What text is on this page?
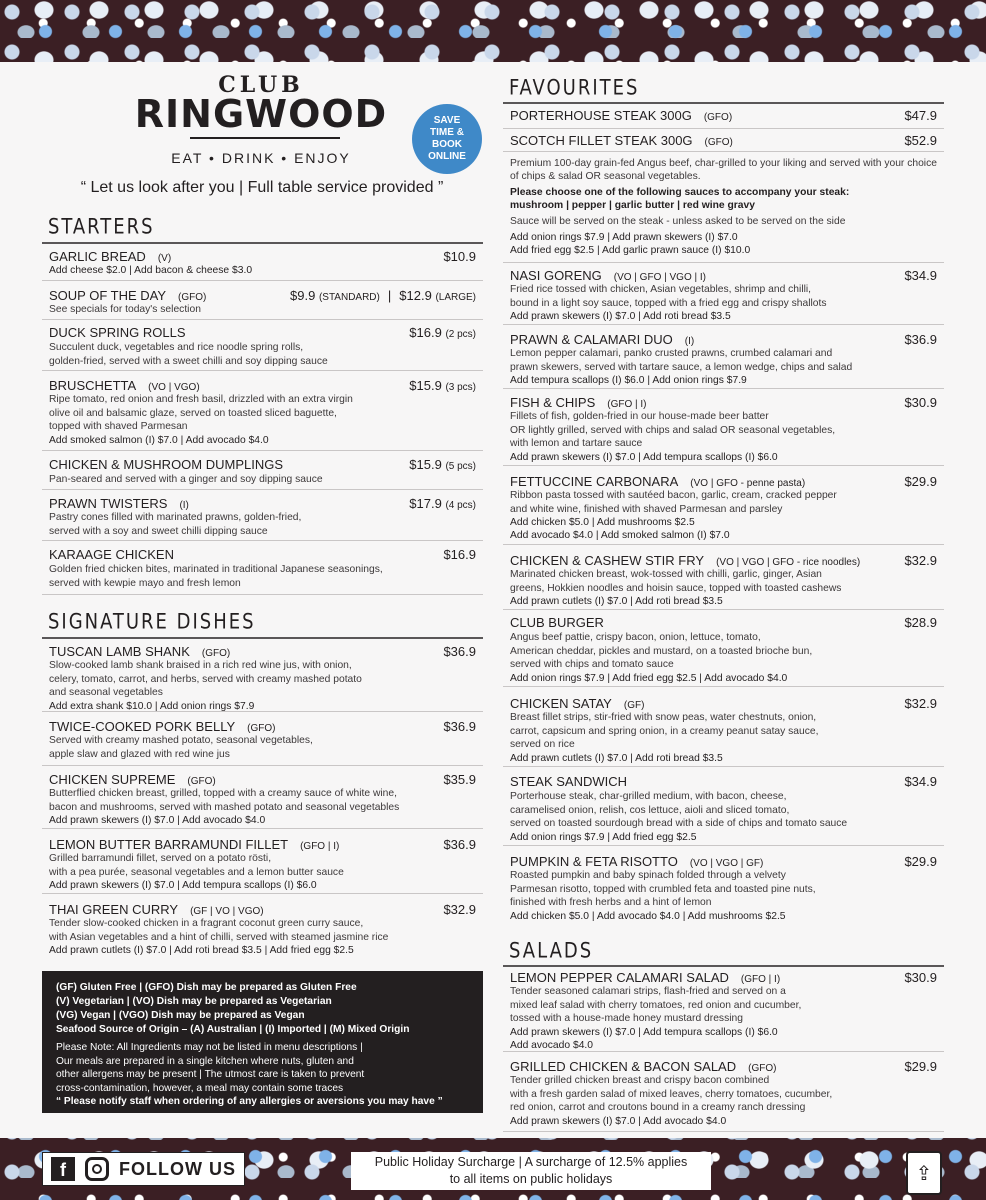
CLUB
RINGWOOD
EAT • DRINK • ENJOY
SAVE TIME & BOOK ONLINE
“ Let us look after you | Full table service provided ”
STARTERS
SIGNATURE DISHES
FAVOURITES
SALADS
GARLIC BREAD (V)	$10.9
Add cheese $2.0 | Add bacon & cheese $3.0
SOUP OF THE DAY (GFO)	$9.9 (STANDARD) | $12.9 (LARGE)
See specials for today's selection
DUCK SPRING ROLLS	$16.9 (2 pcs)
Succulent duck, vegetables and rice noodle spring rolls,
golden-fried, served with a sweet chilli and soy dipping sauce
BRUSCHETTA (VO | VGO)	$15.9 (3 pcs)
Ripe tomato, red onion and fresh basil, drizzled with an extra virgin
olive oil and balsamic glaze, served on toasted sliced baguette,
topped with shaved Parmesan
Add smoked salmon (I) $7.0 | Add avocado $4.0
CHICKEN & MUSHROOM DUMPLINGS	$15.9 (5 pcs)
Pan-seared and served with a ginger and soy dipping sauce
PRAWN TWISTERS (I)	$17.9 (4 pcs)
Pastry cones filled with marinated prawns, golden-fried,
served with a soy and sweet chilli dipping sauce
KARAAGE CHICKEN	$16.9
Golden fried chicken bites, marinated in traditional Japanese seasonings,
served with kewpie mayo and fresh lemon
TUSCAN LAMB SHANK (GFO)	$36.9
Slow-cooked lamb shank braised in a rich red wine jus, with onion,
celery, tomato, carrot, and herbs, served with creamy mashed potato
and seasonal vegetables
Add extra shank $10.0 | Add onion rings $7.9
TWICE-COOKED PORK BELLY (GFO)	$36.9
Served with creamy mashed potato, seasonal vegetables,
apple slaw and glazed with red wine jus
CHICKEN SUPREME (GFO)	$35.9
Butterflied chicken breast, grilled, topped with a creamy sauce of white wine,
bacon and mushrooms, served with mashed potato and seasonal vegetables
Add prawn skewers (I) $7.0 | Add avocado $4.0
LEMON BUTTER BARRAMUNDI FILLET (GFO | I)	$36.9
Grilled barramundi fillet, served on a potato rösti,
with a pea purée, seasonal vegetables and a lemon butter sauce
Add prawn skewers (I) $7.0 | Add tempura scallops (I) $6.0
THAI GREEN CURRY (GF | VO | VGO)	$32.9
Tender slow-cooked chicken in a fragrant coconut green curry sauce,
with Asian vegetables and a hint of chilli, served with steamed jasmine rice
Add prawn cutlets (I) $7.0 | Add roti bread $3.5 | Add fried egg $2.5
(GF) Gluten Free | (GFO) Dish may be prepared as Gluten Free
(V) Vegetarian | (VO) Dish may be prepared as Vegetarian
(VG) Vegan | (VGO) Dish may be prepared as Vegan
Seafood Source of Origin – (A) Australian | (I) Imported | (M) Mixed Origin
Please Note: All Ingredients may not be listed in menu descriptions |
Our meals are prepared in a single kitchen where nuts, gluten and
other allergens may be present | The utmost care is taken to prevent
cross-contamination, however, a meal may contain some traces
“ Please notify staff when ordering of any allergies or aversions you may have ”
PORTERHOUSE STEAK 300G (GFO)	$47.9
SCOTCH FILLET STEAK 300G (GFO)	$52.9

Premium 100-day grain-fed Angus beef, char-grilled to your liking and served with your choice of chips & salad OR seasonal vegetables.

Please choose one of the following sauces to accompany your steak:

mushroom | pepper | garlic butter | red wine gravy

Sauce will be served on the steak - unless asked to be served on the side

Add onion rings $7.9 | Add prawn skewers (I) $7.0
Add fried egg $2.5 | Add garlic prawn sauce (I) $10.0
NASI GORENG (VO | GFO | VGO | I)	$34.9
Fried rice tossed with chicken, Asian vegetables, shrimp and chilli,
bound in a light soy sauce, topped with a fried egg and crispy shallots
Add prawn skewers (I) $7.0 | Add roti bread $3.5
PRAWN & CALAMARI DUO (I)	$36.9
Lemon pepper calamari, panko crusted prawns, crumbed calamari and
prawn skewers, served with tartare sauce, a lemon wedge, chips and salad
Add tempura scallops (I) $6.0 | Add onion rings $7.9
FISH & CHIPS (GFO | I)	$30.9
Fillets of fish, golden-fried in our house-made beer batter
OR lightly grilled, served with chips and salad OR seasonal vegetables,
with lemon and tartare sauce
Add prawn skewers (I) $7.0 | Add tempura scallops (I) $6.0
FETTUCCINE CARBONARA (VO | GFO - penne pasta)	$29.9
Ribbon pasta tossed with sautéed bacon, garlic, cream, cracked pepper
and white wine, finished with shaved Parmesan and parsley
Add chicken $5.0 | Add mushrooms $2.5
Add avocado $4.0 | Add smoked salmon (I) $7.0
CHICKEN & CASHEW STIR FRY (VO | VGO | GFO - rice noodles)	$32.9
Marinated chicken breast, wok-tossed with chilli, garlic, ginger, Asian
greens, Hokkien noodles and hoisin sauce, topped with toasted cashews
Add prawn cutlets (I) $7.0 | Add roti bread $3.5
CLUB BURGER	$28.9
Angus beef pattie, crispy bacon, onion, lettuce, tomato,
American cheddar, pickles and mustard, on a toasted brioche bun,
served with chips and tomato sauce
Add onion rings $7.9 | Add fried egg $2.5 | Add avocado $4.0
CHICKEN SATAY (GF)	$32.9
Breast fillet strips, stir-fried with snow peas, water chestnuts, onion,
carrot, capsicum and spring onion, in a creamy peanut satay sauce,
served on rice
Add prawn cutlets (I) $7.0 | Add roti bread $3.5
STEAK SANDWICH	$34.9
Porterhouse steak, char-grilled medium, with bacon, cheese,
caramelised onion, relish, cos lettuce, aioli and sliced tomato,
served on toasted sourdough bread with a side of chips and tomato sauce
Add onion rings $7.9 | Add fried egg $2.5
PUMPKIN & FETA RISOTTO (VO | VGO | GF)	$29.9
Roasted pumpkin and baby spinach folded through a velvety
Parmesan risotto, topped with crumbled feta and toasted pine nuts,
finished with fresh herbs and a hint of lemon
Add chicken $5.0 | Add avocado $4.0 | Add mushrooms $2.5
LEMON PEPPER CALAMARI SALAD (GFO | I)	$30.9
Tender seasoned calamari strips, flash-fried and served on a
mixed leaf salad with cherry tomatoes, red onion and cucumber,
tossed with a house-made honey mustard dressing
Add prawn skewers (I) $7.0 | Add tempura scallops (I) $6.0
Add avocado $4.0
GRILLED CHICKEN & BACON SALAD (GFO)	$29.9
Tender grilled chicken breast and crispy bacon combined
with a fresh garden salad of mixed leaves, cherry tomatoes, cucumber,
red onion, carrot and croutons bound in a creamy ranch dressing
Add prawn skewers (I) $7.0 | Add avocado $4.0
f	FOLLOW US	Public Holiday Surcharge | A surcharge of 12.5% applies
to all items on public holidays	⇪
